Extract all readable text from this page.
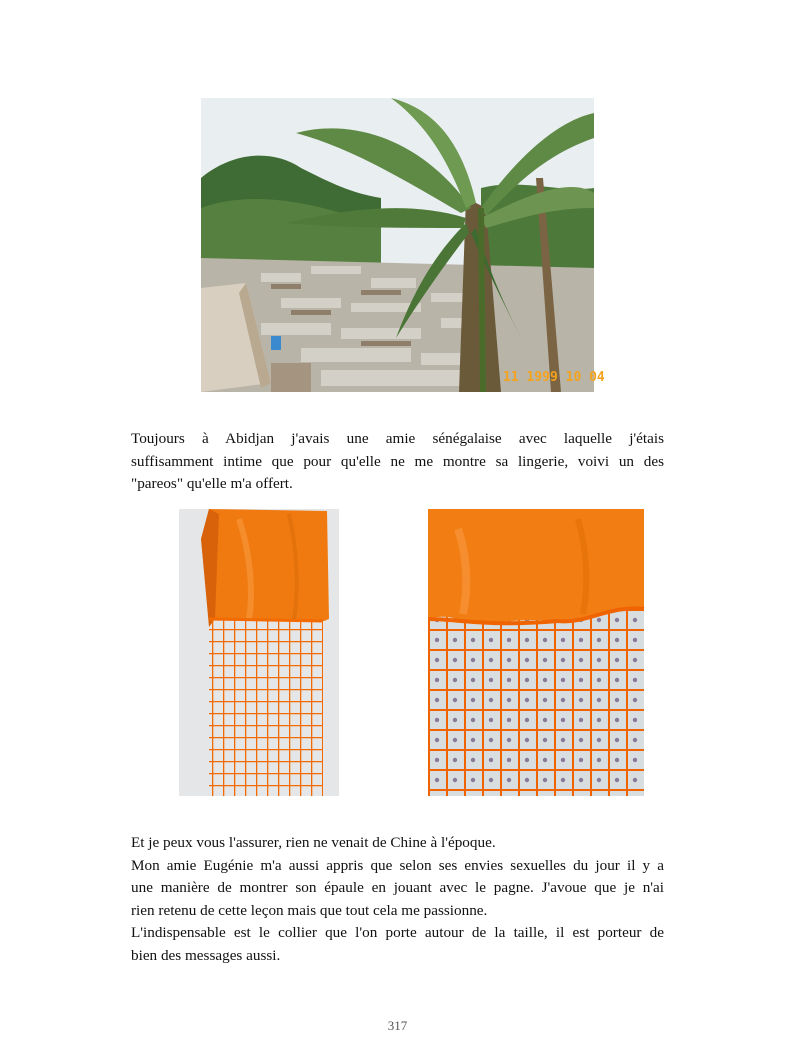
11 1999 10 04

Toujours à Abidjan j'avais une amie sénégalaise avec laquelle j'étais
suffisamment intime que pour qu'elle ne me montre sa lingerie, voivi un des
"pareos" qu'elle m'a offert.

Et je peux vous l'assurer, rien ne venait de Chine à l'époque.
Mon amie Eugénie m'a aussi appris que selon ses envies sexuelles du jour il y a
une manière de montrer son épaule en jouant avec le pagne. J'avoue que je n'ai
rien retenu de cette leçon mais que tout cela me passionne.
L'indispensable est le collier que l'on porte autour de la taille, il est porteur de
bien des messages aussi.

317
